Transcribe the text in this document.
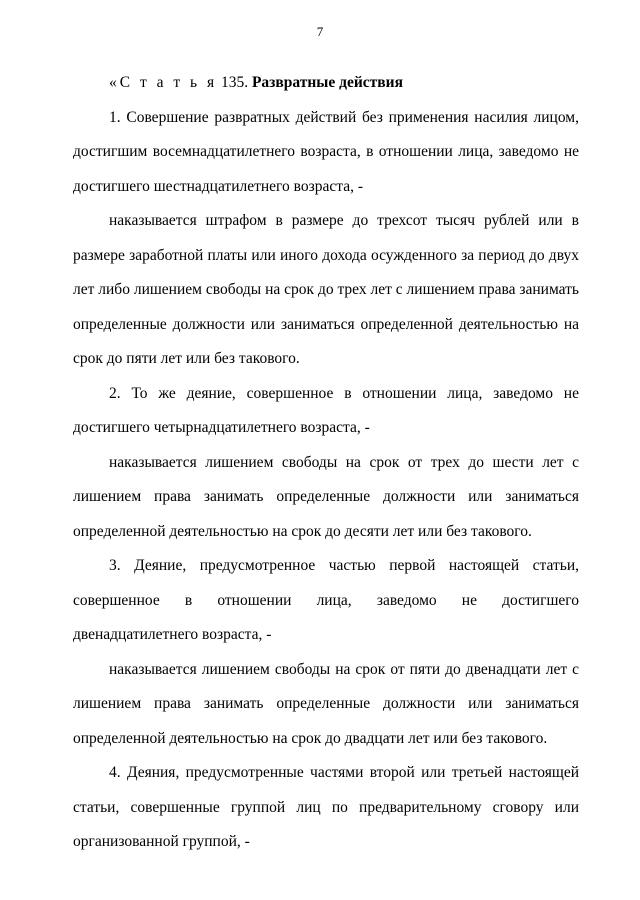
7

«С т а т ь я 135. Развратные действия

1. Совершение развратных действий без применения насилия лицом, достигшим восемнадцатилетнего возраста, в отношении лица, заведомо не достигшего шестнадцатилетнего возраста, -

наказывается штрафом в размере до трехсот тысяч рублей или в размере заработной платы или иного дохода осужденного за период до двух лет либо лишением свободы на срок до трех лет с лишением права занимать определенные должности или заниматься определенной деятельностью на срок до пяти лет или без такового.

2. То же деяние, совершенное в отношении лица, заведомо не достигшего четырнадцатилетнего возраста, -

наказывается лишением свободы на срок от трех до шести лет с лишением права занимать определенные должности или заниматься определенной деятельностью на срок до десяти лет или без такового.

3. Деяние, предусмотренное частью первой настоящей статьи, совершенное в отношении лица, заведомо не достигшего двенадцатилетнего возраста, -

наказывается лишением свободы на срок от пяти до двенадцати лет с лишением права занимать определенные должности или заниматься определенной деятельностью на срок до двадцати лет или без такового.

4. Деяния, предусмотренные частями второй или третьей настоящей статьи, совершенные группой лиц по предварительному сговору или организованной группой, -
